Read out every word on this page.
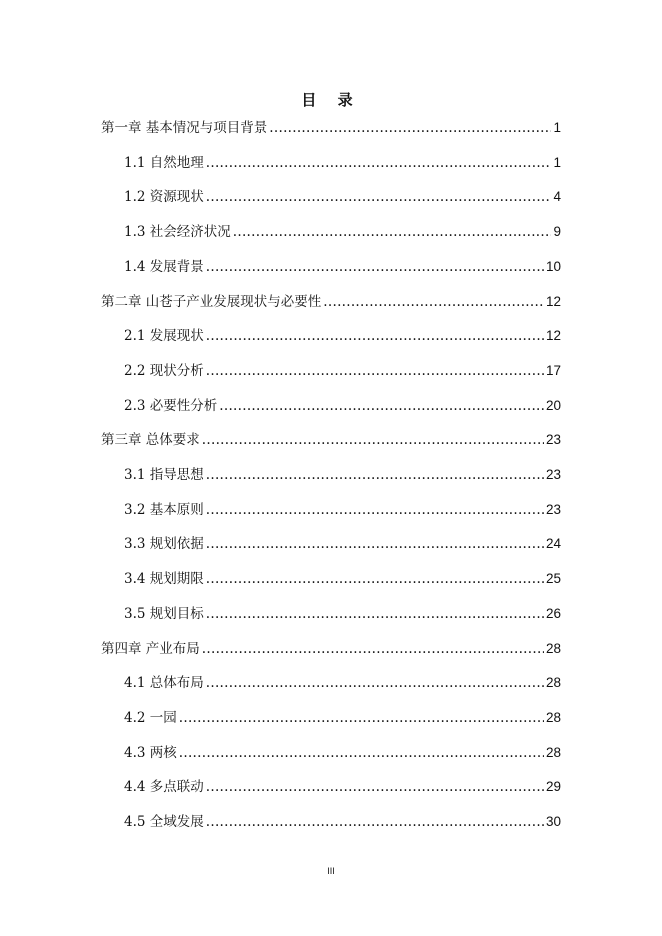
目 录
第一章 基本情况与项目背景 .....	1
1.1 自然地理 .....	1
1.2 资源现状 .....	4
1.3 社会经济状况 .....	9
1.4 发展背景 .....	10
第二章 山苍子产业发展现状与必要性 .....	12
2.1 发展现状 .....	12
2.2 现状分析 .....	17
2.3 必要性分析 .....	20
第三章 总体要求 .....	23
3.1 指导思想 .....	23
3.2 基本原则 .....	23
3.3 规划依据 .....	24
3.4 规划期限 .....	25
3.5 规划目标 .....	26
第四章 产业布局 .....	28
4.1 总体布局 .....	28
4.2 一园 .....	28
4.3 两核 .....	28
4.4 多点联动 .....	29
4.5 全域发展 .....	30
III
